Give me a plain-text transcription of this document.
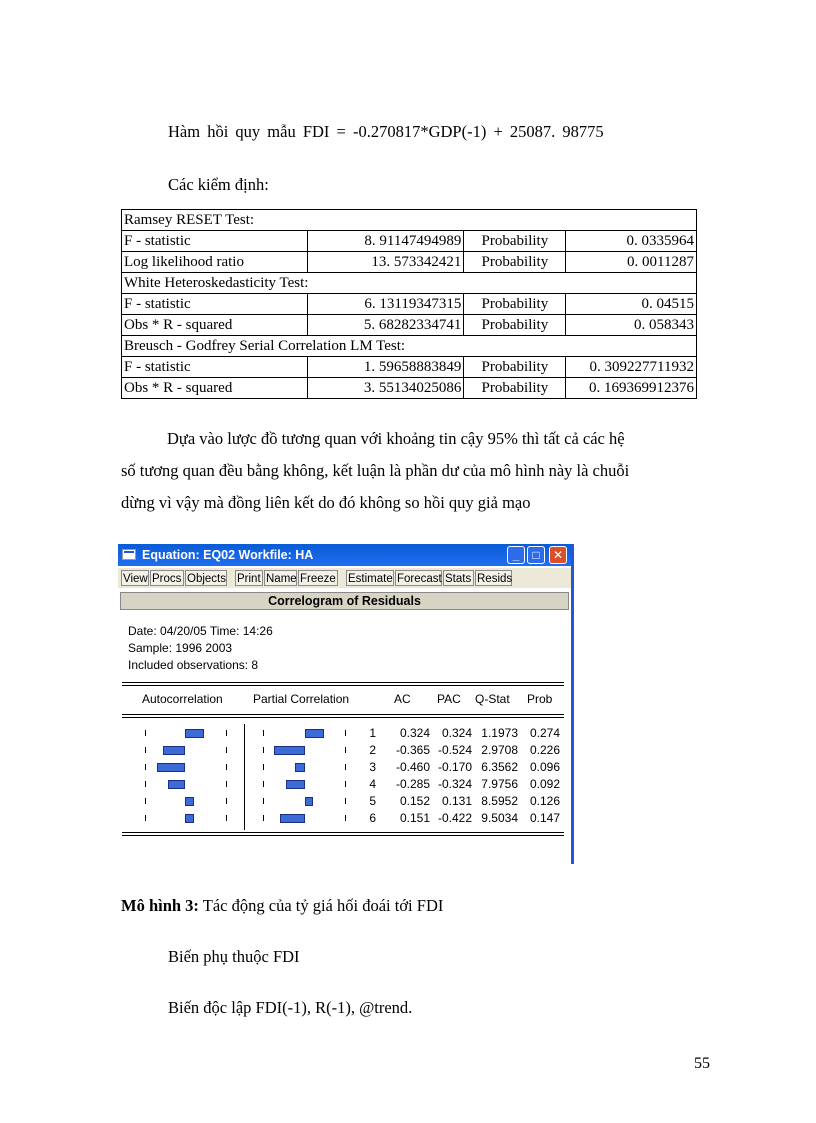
Hàm hồi quy mẫu FDI = -0.270817*GDP(-1) + 25087. 98775
Các kiểm định:
Ramsey RESET Test:			
F - statistic	8. 91147494989	Probability	0. 0335964
Log likelihood ratio	13. 573342421	Probability	0. 0011287
White Heteroskedasticity Test:			
F - statistic	6. 13119347315	Probability	0. 04515
Obs * R - squared	5. 68282334741	Probability	0. 058343
Breusch - Godfrey Serial Correlation LM Test:			
F - statistic	1. 59658883849	Probability	0. 309227711932
Obs * R - squared	3. 55134025086	Probability	0. 169369912376
Dựa vào lược đồ tương quan với khoảng tin cậy 95% thì tất cả các hệ
số tương quan đều bằng không, kết luận là phần dư của mô hình này là chuỗi
dừng vì vậy mà đồng liên kết do đó không so hồi quy giả mạo
Equation: EQ02 Workfile: HA	_	□	✕
View Procs Objects Print Name Freeze Estimate Forecast Stats Resids
Correlogram of Residuals
Date: 04/20/05 Time: 14:26
Sample: 1996 2003
Included observations: 8
Autocorrelation	Partial Correlation	AC PAC Q-Stat Prob
1	0.324 0.324 1.1973 0.274
2	-0.365 -0.524 2.9708 0.226
3	-0.460 -0.170 6.3562 0.096
4	-0.285 -0.324 7.9756 0.092
5	0.152 0.131 8.5952 0.126
6	0.151 -0.422 9.5034 0.147
Mô hình 3: Tác động của tỷ giá hối đoái tới FDI
Biến phụ thuộc FDI
Biến độc lập FDI(-1), R(-1), @trend.
55
